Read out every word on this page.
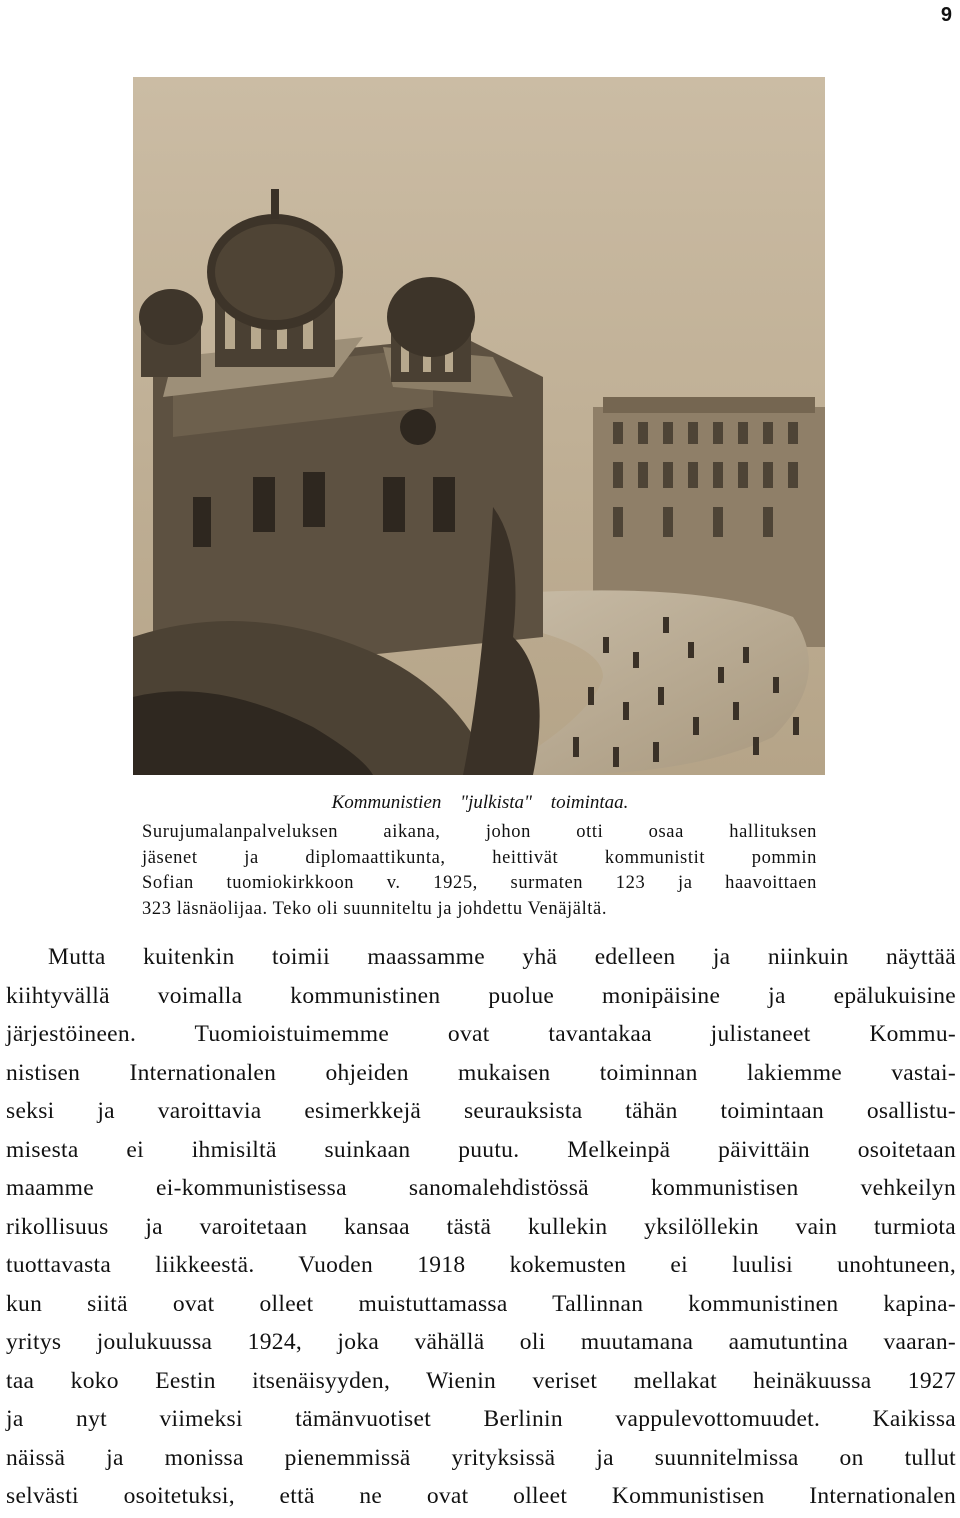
9
Kommunistien "julkista" toimintaa.
Surujumalanpalveluksen aikana, johon otti osaa hallituksen
jäsenet ja diplomaattikunta, heittivät kommunistit pommin
Sofian tuomiokirkkoon v. 1925, surmaten 123 ja haavoittaen
323 läsnäolijaa. Teko oli suunniteltu ja johdettu Venäjältä.
Mutta kuitenkin toimii maassamme yhä edelleen ja niinkuin näyttää
kiihtyvällä voimalla kommunistinen puolue monipäisine ja epälukuisine
järjestöineen. Tuomioistuimemme ovat tavantakaa julistaneet Kommu-
nistisen Internationalen ohjeiden mukaisen toiminnan lakiemme vastai-
seksi ja varoittavia esimerkkejä seurauksista tähän toimintaan osallistu-
misesta ei ihmisiltä suinkaan puutu. Melkeinpä päivittäin osoitetaan
maamme ei-kommunistisessa sanomalehdistössä kommunistisen vehkeilyn
rikollisuus ja varoitetaan kansaa tästä kullekin yksilöllekin vain turmiota
tuottavasta liikkeestä. Vuoden 1918 kokemusten ei luulisi unohtuneen,
kun siitä ovat olleet muistuttamassa Tallinnan kommunistinen kapina-
yritys joulukuussa 1924, joka vähällä oli muutamana aamutuntina vaaran-
taa koko Eestin itsenäisyyden, Wienin veriset mellakat heinäkuussa 1927
ja nyt viimeksi tämänvuotiset Berlinin vappulevottomuudet. Kaikissa
näissä ja monissa pienemmissä yrityksissä ja suunnitelmissa on tullut
selvästi osoitetuksi, että ne ovat olleet Kommunistisen Internationalen
